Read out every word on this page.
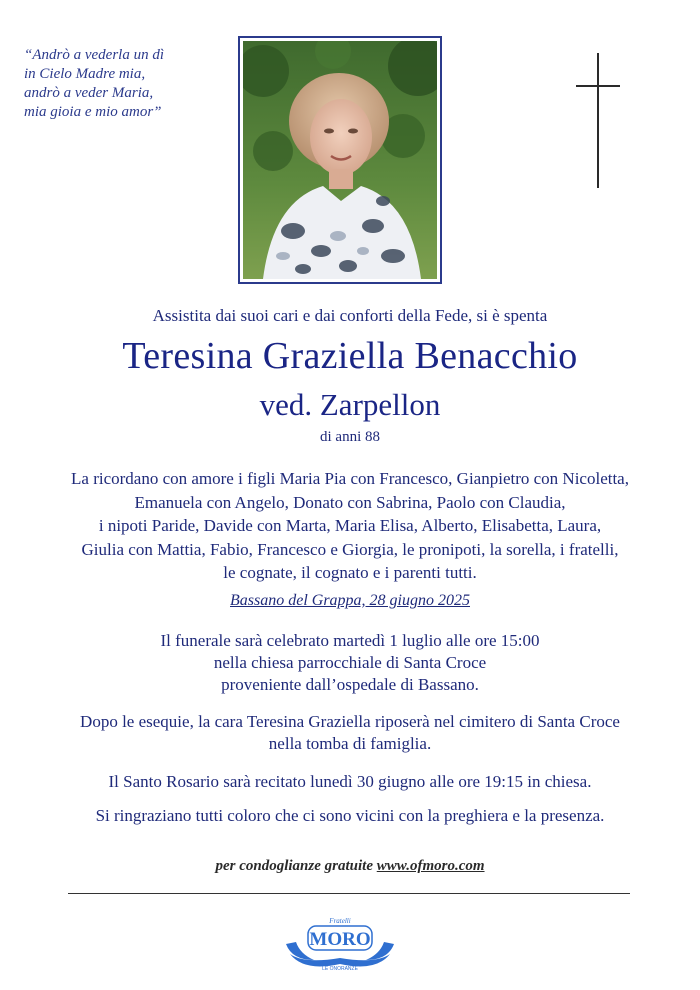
“Andrò a vederla un dì
in Cielo Madre mia,
andrò a veder Maria,
mia gioia e mio amor”
Assistita dai suoi cari e dai conforti della Fede, si è spenta
Teresina Graziella Benacchio
ved. Zarpellon
di anni 88
La ricordano con amore i figli Maria Pia con Francesco, Gianpietro con Nicoletta,
Emanuela con Angelo, Donato con Sabrina, Paolo con Claudia,
i nipoti Paride, Davide con Marta, Maria Elisa, Alberto, Elisabetta, Laura,
Giulia con Mattia, Fabio, Francesco e Giorgia, le pronipoti, la sorella, i fratelli,
le cognate, il cognato e i parenti tutti.
Bassano del Grappa, 28 giugno 2025
Il funerale sarà celebrato martedì 1 luglio alle ore 15:00
nella chiesa parrocchiale di Santa Croce
proveniente dall’ospedale di Bassano.
Dopo le esequie, la cara Teresina Graziella riposerà nel cimitero di Santa Croce
nella tomba di famiglia.
Il Santo Rosario sarà recitato lunedì 30 giugno alle ore 19:15 in chiesa.
Si ringraziano tutti coloro che ci sono vicini con la preghiera e la presenza.
per condoglianze gratuite www.ofmoro.com
Fratelli
MORO
LE ONORANZE
